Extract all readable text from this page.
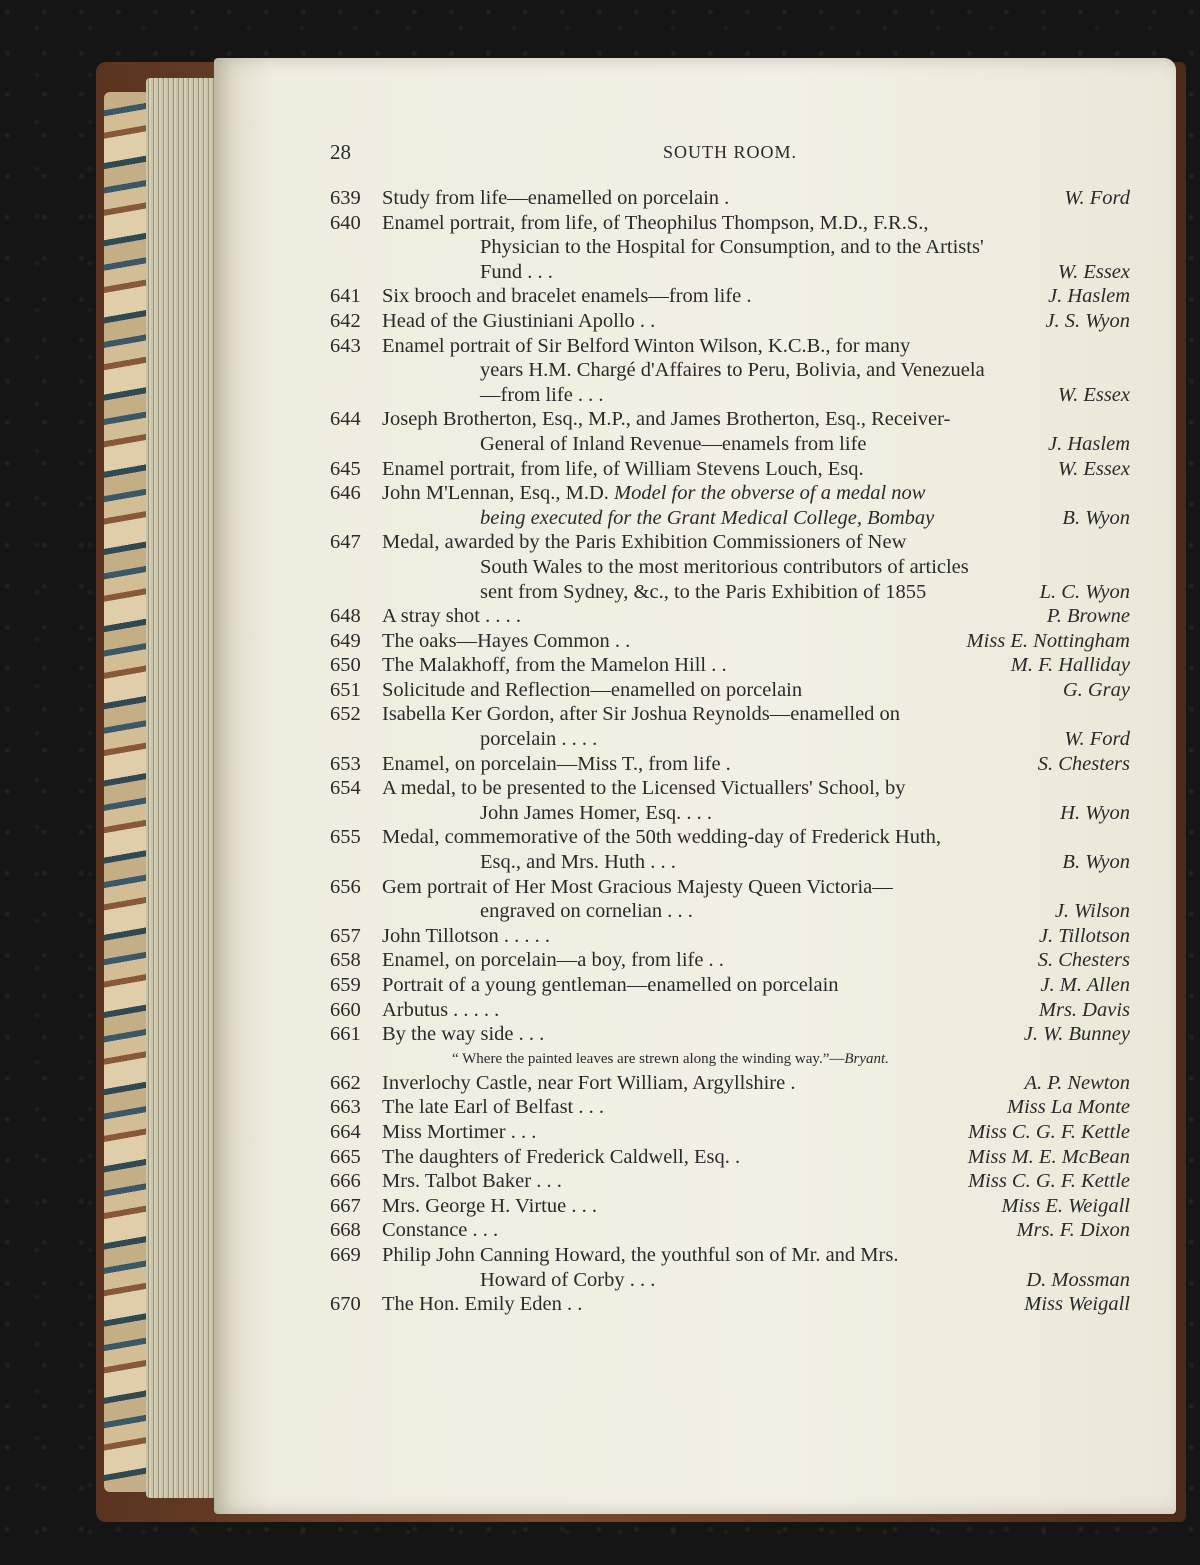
28	SOUTH ROOM.
639	Study from life—enamelled on porcelain .	W. Ford
640	Enamel portrait, from life, of Theophilus Thompson, M.D., F.R.S.,
Physician to the Hospital for Consumption, and to the Artists'
Fund . . .	W. Essex
641	Six brooch and bracelet enamels—from life .	J. Haslem
642	Head of the Giustiniani Apollo . .	J. S. Wyon
643	Enamel portrait of Sir Belford Winton Wilson, K.C.B., for many
years H.M. Chargé d'Affaires to Peru, Bolivia, and Venezuela
—from life . . .	W. Essex
644	Joseph Brotherton, Esq., M.P., and James Brotherton, Esq., Receiver-
General of Inland Revenue—enamels from life	J. Haslem
645	Enamel portrait, from life, of William Stevens Louch, Esq.	W. Essex
646	John M'Lennan, Esq., M.D. Model for the obverse of a medal now
being executed for the Grant Medical College, Bombay	B. Wyon
647	Medal, awarded by the Paris Exhibition Commissioners of New
South Wales to the most meritorious contributors of articles
sent from Sydney, &c., to the Paris Exhibition of 1855	L. C. Wyon
648	A stray shot . . . .	P. Browne
649	The oaks—Hayes Common . .	Miss E. Nottingham
650	The Malakhoff, from the Mamelon Hill . .	M. F. Halliday
651	Solicitude and Reflection—enamelled on porcelain	G. Gray
652	Isabella Ker Gordon, after Sir Joshua Reynolds—enamelled on
porcelain . . . .	W. Ford
653	Enamel, on porcelain—Miss T., from life .	S. Chesters
654	A medal, to be presented to the Licensed Victuallers' School, by
John James Homer, Esq. . . .	H. Wyon
655	Medal, commemorative of the 50th wedding-day of Frederick Huth,
Esq., and Mrs. Huth . . .	B. Wyon
656	Gem portrait of Her Most Gracious Majesty Queen Victoria—
engraved on cornelian . . .	J. Wilson
657	John Tillotson . . . . .	J. Tillotson
658	Enamel, on porcelain—a boy, from life . .	S. Chesters
659	Portrait of a young gentleman—enamelled on porcelain	J. M. Allen
660	Arbutus . . . . .	Mrs. Davis
661	By the way side . . .	J. W. Bunney
“ Where the painted leaves are strewn along the winding way.”—Bryant.
662	Inverlochy Castle, near Fort William, Argyllshire .	A. P. Newton
663	The late Earl of Belfast . . .	Miss La Monte
664	Miss Mortimer . . .	Miss C. G. F. Kettle
665	The daughters of Frederick Caldwell, Esq. .	Miss M. E. McBean
666	Mrs. Talbot Baker . . .	Miss C. G. F. Kettle
667	Mrs. George H. Virtue . . .	Miss E. Weigall
668	Constance . . .	Mrs. F. Dixon
669	Philip John Canning Howard, the youthful son of Mr. and Mrs.
Howard of Corby . . .	D. Mossman
670	The Hon. Emily Eden . .	Miss Weigall
